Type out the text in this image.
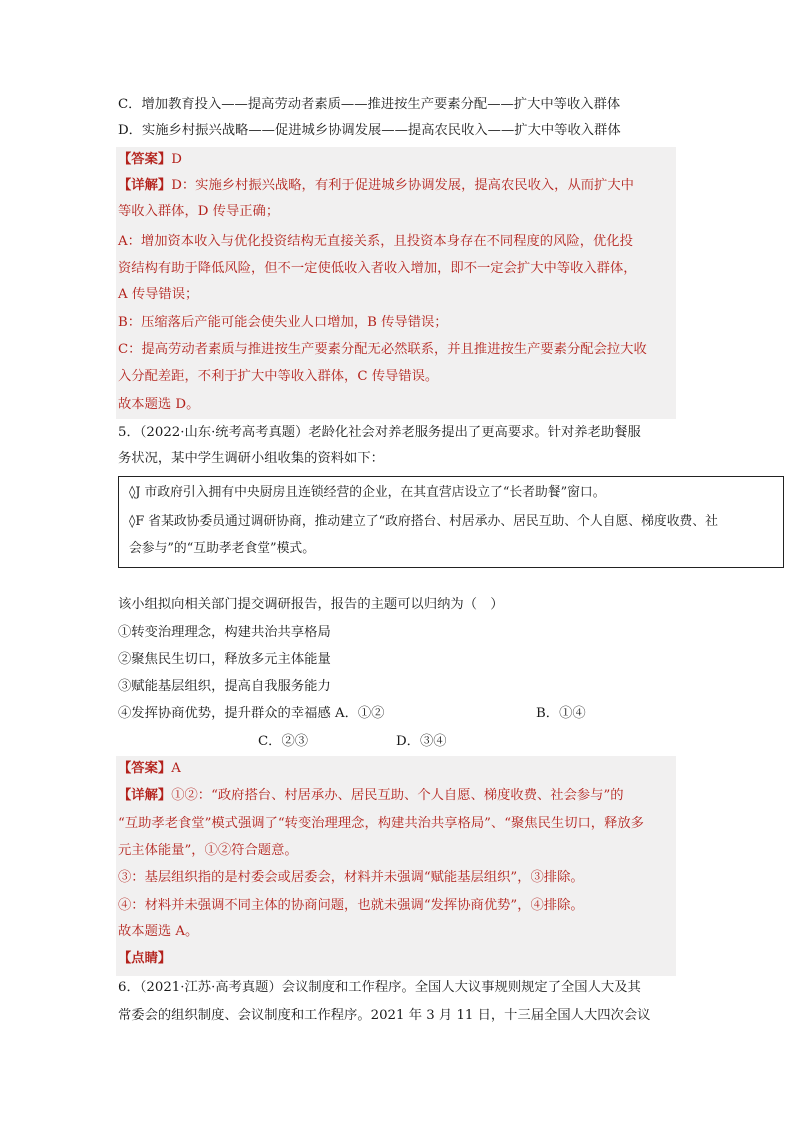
C．增加教育投入——提高劳动者素质——推进按生产要素分配——扩大中等收入群体
D．实施乡村振兴战略——促进城乡协调发展——提高农民收入——扩大中等收入群体
【答案】D
【详解】D：实施乡村振兴战略，有利于促进城乡协调发展，提高农民收入，从而扩大中
等收入群体，D 传导正确；
A：增加资本收入与优化投资结构无直接关系，且投资本身存在不同程度的风险，优化投
资结构有助于降低风险，但不一定使低收入者收入增加，即不一定会扩大中等收入群体，
A 传导错误；
B：压缩落后产能可能会使失业人口增加，B 传导错误；
C：提高劳动者素质与推进按生产要素分配无必然联系，并且推进按生产要素分配会拉大收
入分配差距，不利于扩大中等收入群体，C 传导错误。
故本题选 D。
5．（2022·山东·统考高考真题）老龄化社会对养老服务提出了更高要求。针对养老助餐服
务状况，某中学生调研小组收集的资料如下：
◊J 市政府引入拥有中央厨房且连锁经营的企业，在其直营店设立了“长者助餐”窗口。
◊F 省某政协委员通过调研协商，推动建立了“政府搭台、村居承办、居民互助、个人自愿、梯度收费、社
会参与”的“互助孝老食堂”模式。
该小组拟向相关部门提交调研报告，报告的主题可以归纳为（　）
①转变治理理念，构建共治共享格局
②聚焦民生切口，释放多元主体能量
③赋能基层组织，提高自我服务能力
④发挥协商优势，提升群众的幸福感 A．①②	B．①④
C．②③	D．③④
【答案】A
【详解】①②：“政府搭台、村居承办、居民互助、个人自愿、梯度收费、社会参与”的
“互助孝老食堂”模式强调了“转变治理理念，构建共治共享格局”、“聚焦民生切口，释放多
元主体能量”，①②符合题意。
③：基层组织指的是村委会或居委会，材料并未强调“赋能基层组织”，③排除。
④：材料并未强调不同主体的协商问题，也就未强调“发挥协商优势”，④排除。
故本题选 A。
【点睛】
6．（2021·江苏·高考真题）会议制度和工作程序。全国人大议事规则规定了全国人大及其
常委会的组织制度、会议制度和工作程序。2021 年 3 月 11 日，十三届全国人大四次会议
